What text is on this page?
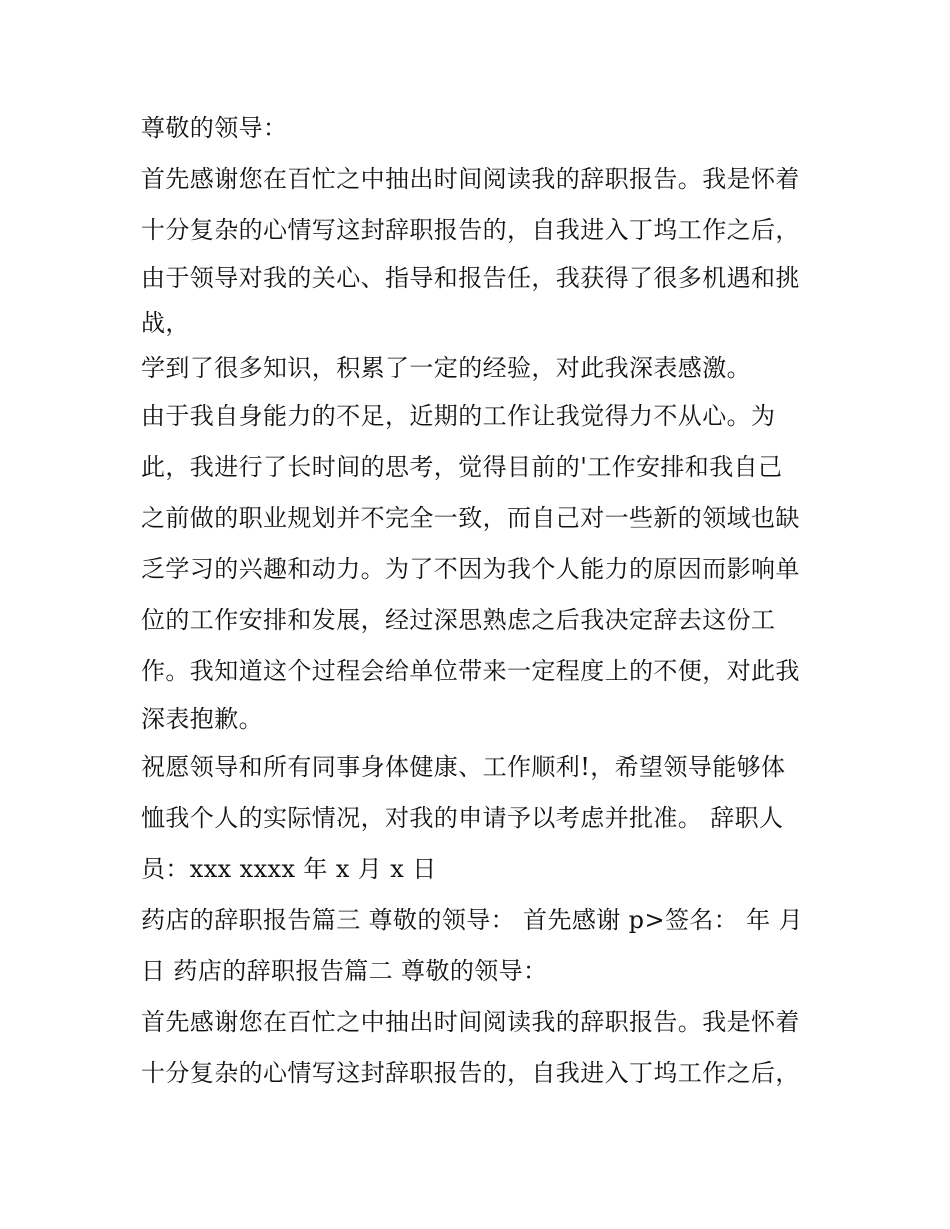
尊敬的领导：
首先感谢您在百忙之中抽出时间阅读我的辞职报告。我是怀着
十分复杂的心情写这封辞职报告的，自我进入丁坞工作之后，
由于领导对我的关心、指导和报告任，我获得了很多机遇和挑
战，
学到了很多知识，积累了一定的经验，对此我深表感激。
由于我自身能力的不足，近期的工作让我觉得力不从心。为
此，我进行了长时间的思考，觉得目前的'工作安排和我自己
之前做的职业规划并不完全一致，而自己对一些新的领域也缺
乏学习的兴趣和动力。为了不因为我个人能力的原因而影响单
位的工作安排和发展，经过深思熟虑之后我决定辞去这份工
作。我知道这个过程会给单位带来一定程度上的不便，对此我
深表抱歉。
祝愿领导和所有同事身体健康、工作顺利!，希望领导能够体
恤我个人的实际情况，对我的申请予以考虑并批准。 辞职人
员：xxx xxxx 年 x 月 x 日
药店的辞职报告篇三 尊敬的领导： 首先感谢 p>签名： 年 月
日 药店的辞职报告篇二 尊敬的领导：
首先感谢您在百忙之中抽出时间阅读我的辞职报告。我是怀着
十分复杂的心情写这封辞职报告的，自我进入丁坞工作之后，
